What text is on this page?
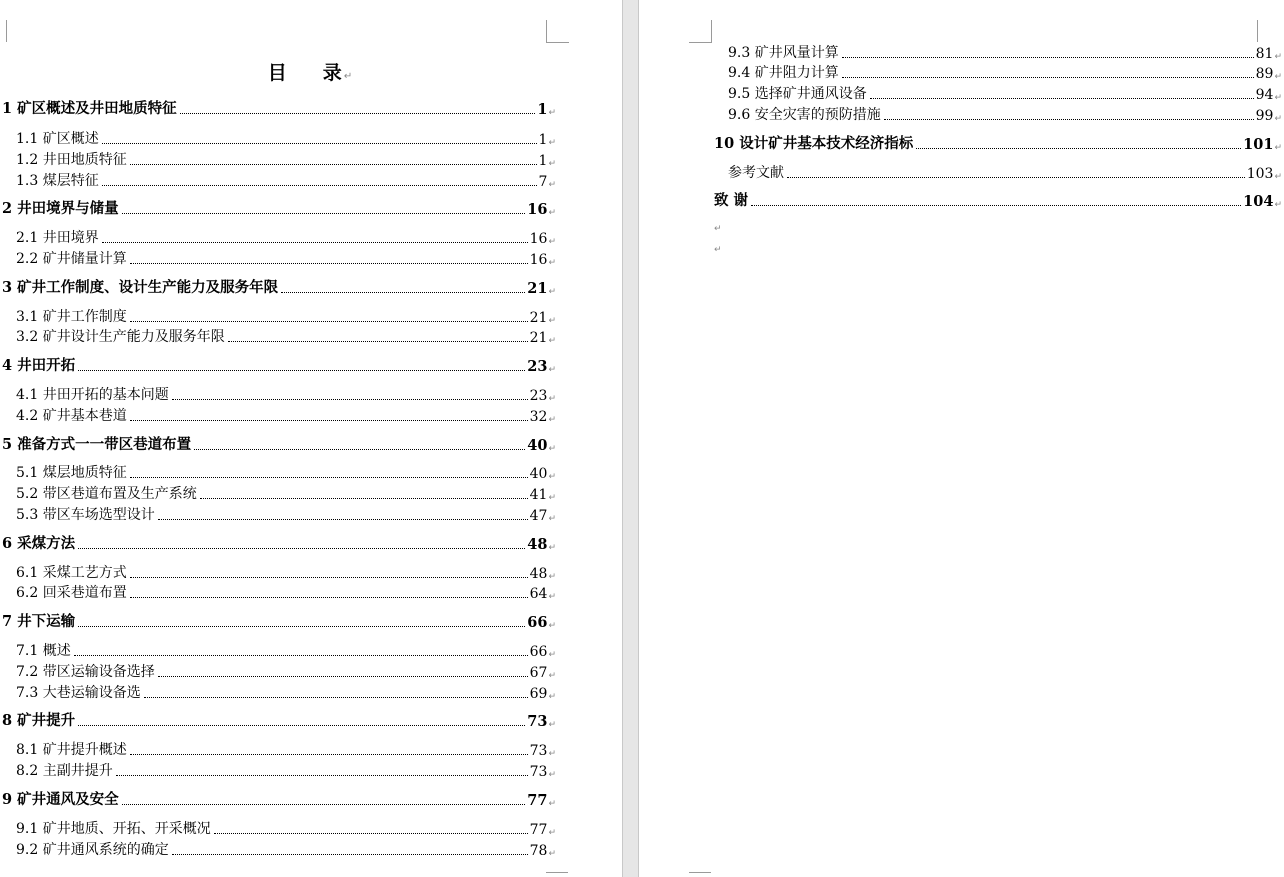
目 录↵
1 矿区概述及井田地质特征	1 ↵
1.1 矿区概述	1 ↵
1.2 井田地质特征	1 ↵
1.3 煤层特征	7 ↵
2 井田境界与储量	16 ↵
2.1 井田境界	16 ↵
2.2 矿井储量计算	16 ↵
3 矿井工作制度、设计生产能力及服务年限	21 ↵
3.1 矿井工作制度	21 ↵
3.2 矿井设计生产能力及服务年限	21 ↵
4 井田开拓	23 ↵
4.1 井田开拓的基本问题	23 ↵
4.2 矿井基本巷道	32 ↵
5 准备方式一一带区巷道布置	40 ↵
5.1 煤层地质特征	40 ↵
5.2 带区巷道布置及生产系统	41 ↵
5.3 带区车场选型设计	47 ↵
6 采煤方法	48 ↵
6.1 采煤工艺方式	48 ↵
6.2 回采巷道布置	64 ↵
7 井下运输	66 ↵
7.1 概述	66 ↵
7.2 带区运输设备选择	67 ↵
7.3 大巷运输设备选	69 ↵
8 矿井提升	73 ↵
8.1 矿井提升概述	73 ↵
8.2 主副井提升	73 ↵
9 矿井通风及安全	77 ↵
9.1 矿井地质、开拓、开采概况	77 ↵
9.2 矿井通风系统的确定	78 ↵
9.3 矿井风量计算	81 ↵
9.4 矿井阻力计算	89 ↵
9.5 选择矿井通风设备	94 ↵
9.6 安全灾害的预防措施	99 ↵
10 设计矿井基本技术经济指标	101 ↵
参考文献	103 ↵
致 谢	104 ↵
↵
↵
